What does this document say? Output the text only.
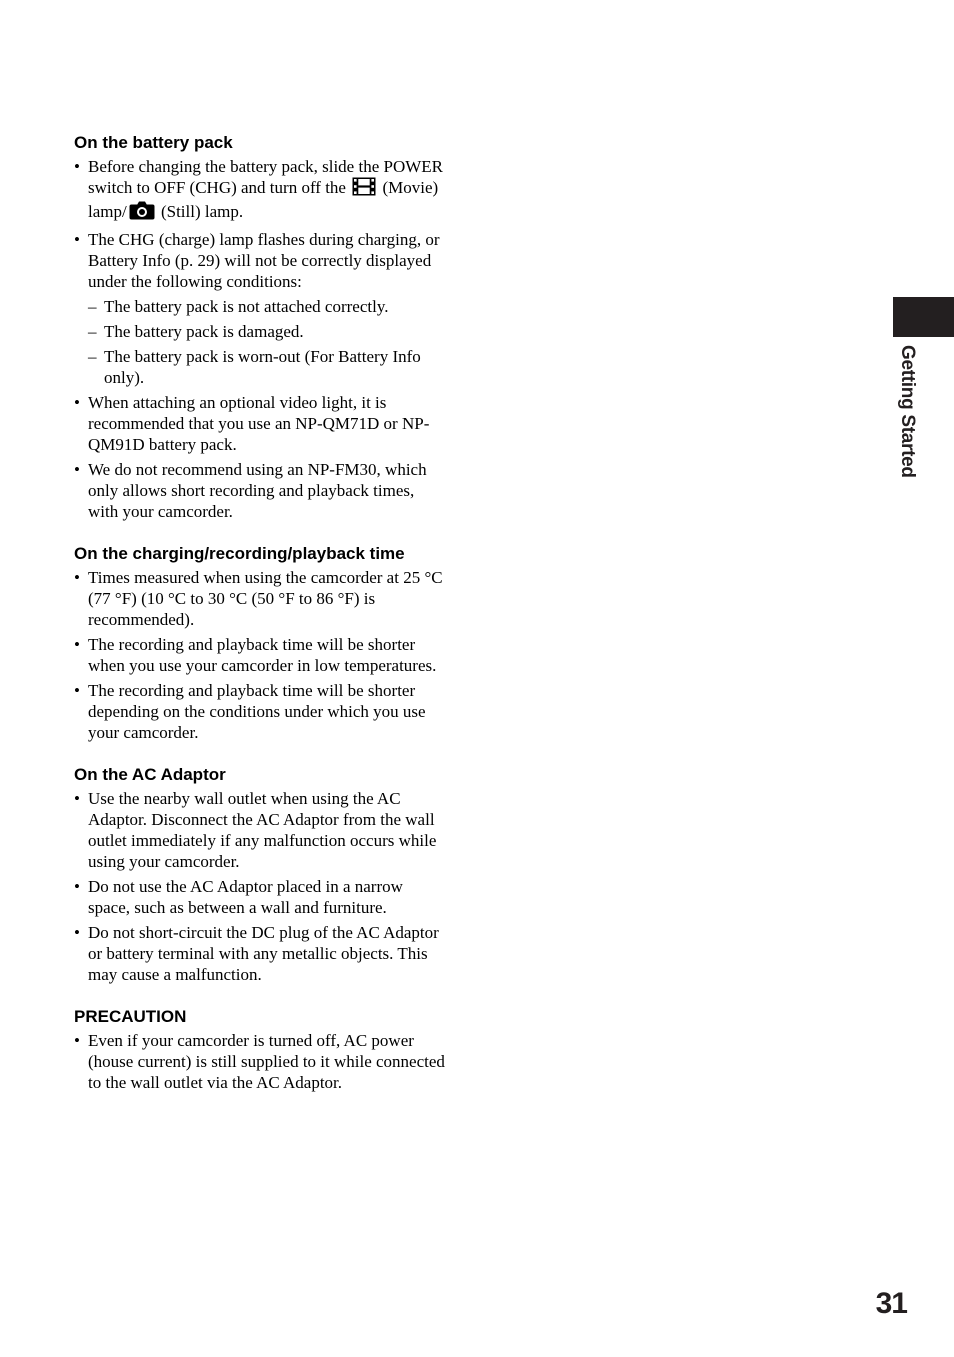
On the battery pack
• Before changing the battery pack, slide the POWER switch to OFF (CHG) and turn off the (Movie) lamp/ (Still) lamp.
• The CHG (charge) lamp flashes during charging, or Battery Info (p. 29) will not be correctly displayed under the following conditions:
– The battery pack is not attached correctly.
– The battery pack is damaged.
– The battery pack is worn-out (For Battery Info only).
• When attaching an optional video light, it is recommended that you use an NP-QM71D or NP-QM91D battery pack.
• We do not recommend using an NP-FM30, which only allows short recording and playback times, with your camcorder.
On the charging/recording/playback time
• Times measured when using the camcorder at 25 °C (77 °F) (10 °C to 30 °C (50 °F to 86 °F) is recommended).
• The recording and playback time will be shorter when you use your camcorder in low temperatures.
• The recording and playback time will be shorter depending on the conditions under which you use your camcorder.
On the AC Adaptor
• Use the nearby wall outlet when using the AC Adaptor. Disconnect the AC Adaptor from the wall outlet immediately if any malfunction occurs while using your camcorder.
• Do not use the AC Adaptor placed in a narrow space, such as between a wall and furniture.
• Do not short-circuit the DC plug of the AC Adaptor or battery terminal with any metallic objects. This may cause a malfunction.
PRECAUTION
• Even if your camcorder is turned off, AC power (house current) is still supplied to it while connected to the wall outlet via the AC Adaptor.
Getting Started
31
